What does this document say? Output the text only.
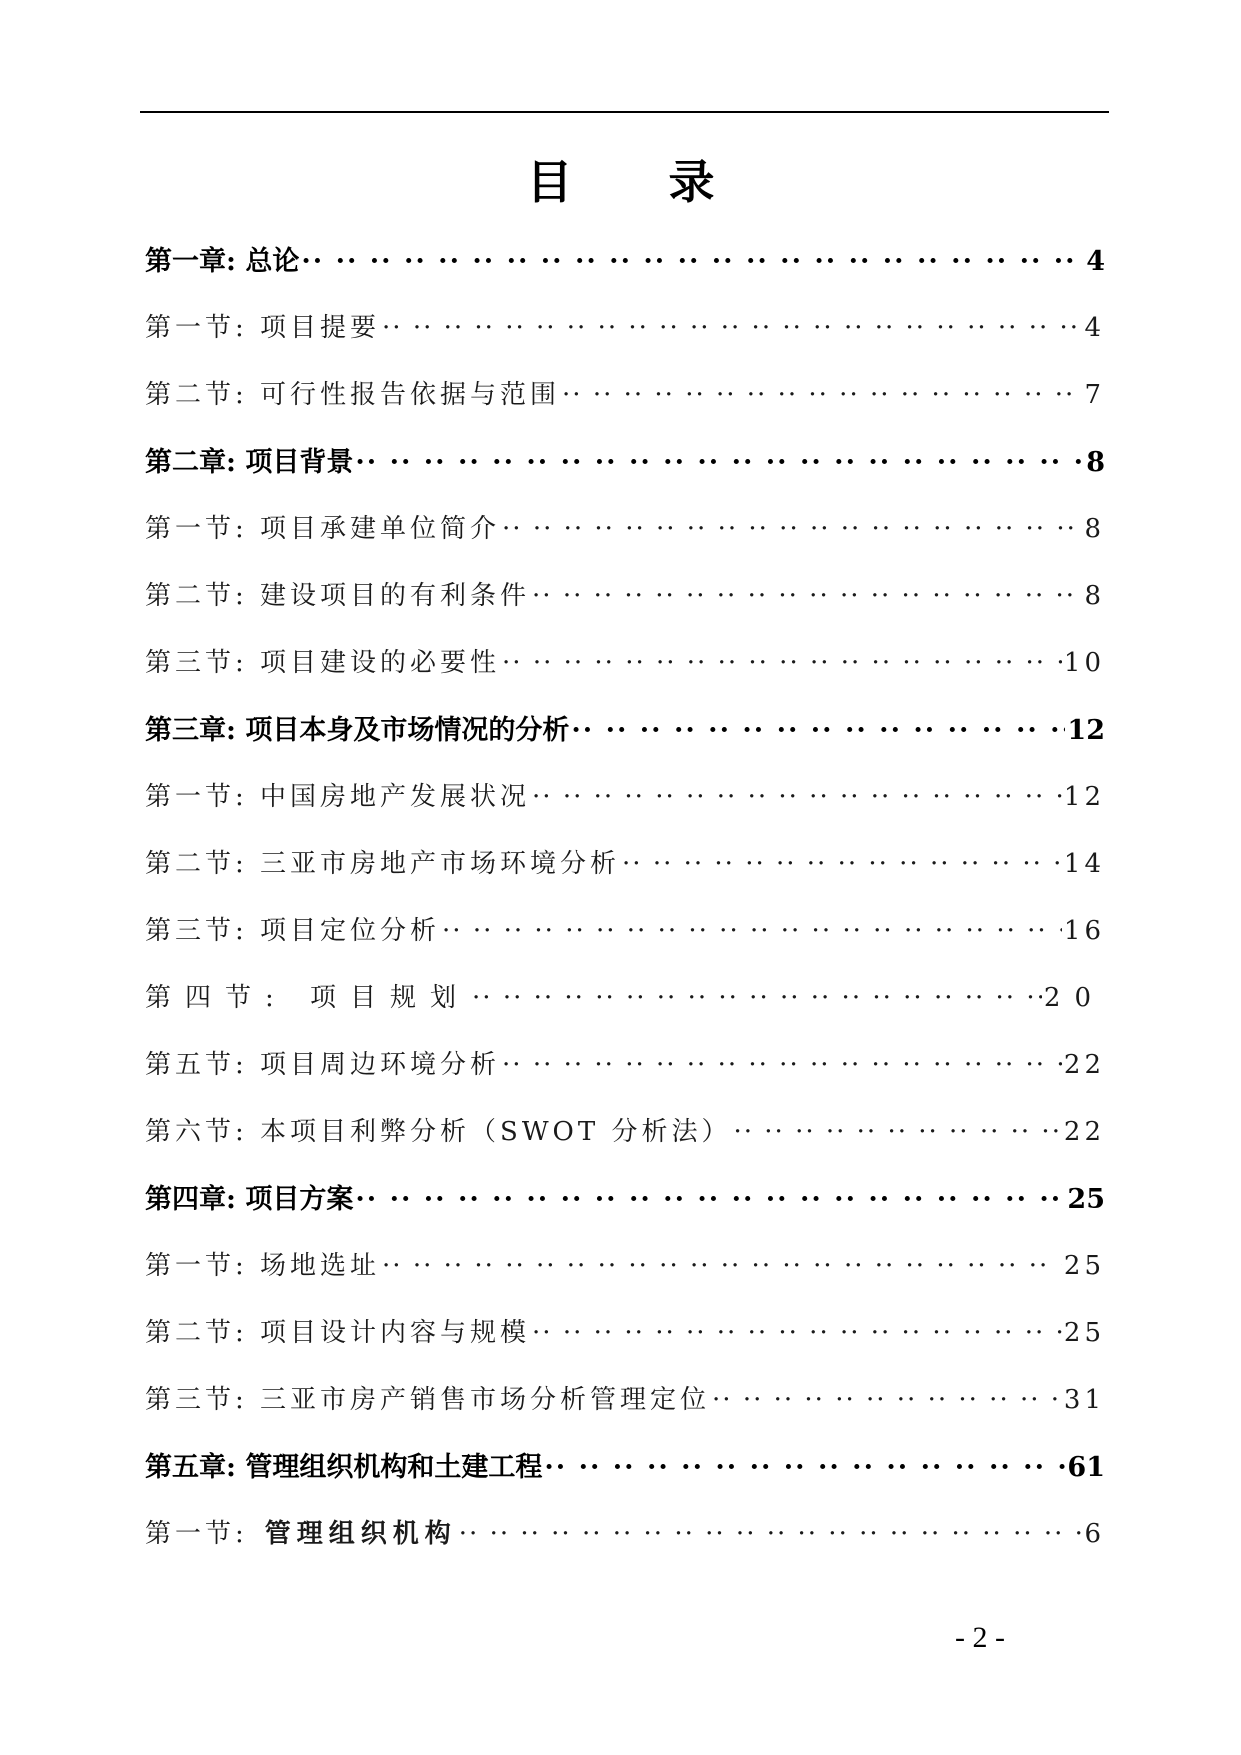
目 录
第一章: 总论 ·· ··	4
第一节: 项目提要 ·· ··	4
第二节: 可行性报告依据与范围 ·· ··	7
第二章: 项目背景 ·· ··	8
第一节: 项目承建单位简介 ·· ··	8
第二节: 建设项目的有利条件 ·· ··	8
第三节: 项目建设的必要性 ·· ··	10
第三章: 项目本身及市场情况的分析 ·· ··	12
第一节: 中国房地产发展状况 ·· ··	12
第二节: 三亚市房地产市场环境分析 ·· ··	14
第三节: 项目定位分析 ·· ··	16
第四节: 项目规划 ·· ··	20
第五节: 项目周边环境分析 ·· ··	22
第六节: 本项目利弊分析（SWOT 分析法） ·· ··	22
第四章: 项目方案 ·· ··	25
第一节: 场地选址 ·· ··	25
第二节: 项目设计内容与规模 ·· ··	25
第三节: 三亚市房产销售市场分析管理定位 ·· ··	31
第五章: 管理组织机构和土建工程 ·· ··	61
第一节:  管理组织机构 ·· ··	6
- 2 -
